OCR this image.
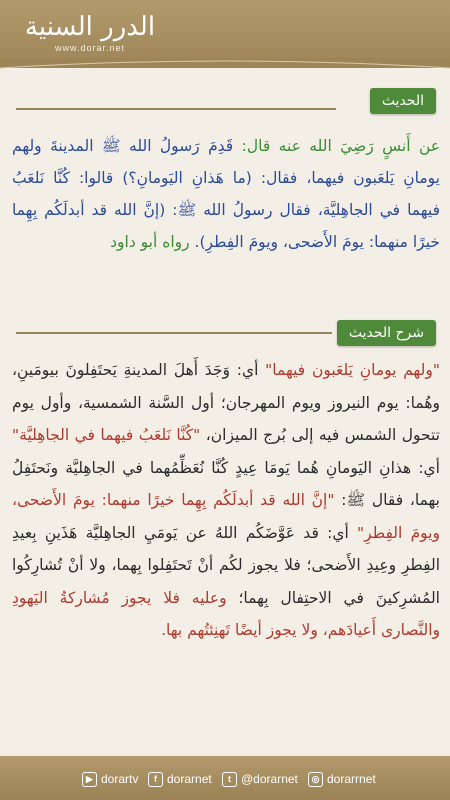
الدرر السنية
www.dorar.net
الحديث
عن أَنسٍ رَضِيَ الله عنه قال: قَدِمَ رَسولُ الله ﷺ المدينةَ ولهم يومانِ يَلعَبون فيهما، فقال: (ما هَذانِ اليَومانِ؟) قالوا: كُنَّا نَلعَبُ فيهما في الجاهِليَّة، فقال رسولُ الله ﷺ: (إنَّ الله قد أبدلَكُم بِهِما خيرًا منهما: يومَ الأَضحى، ويومَ الفِطرِ). رواه أبو داود
شرح الحديث
"ولهم يومانِ يَلعَبون فيهما" أي: وَجَدَ أَهلَ المدينةِ يَحتَفِلونَ بيومَينِ، وهُما: يوم النيروز ويوم المهرجان؛ أول السَّنة الشمسية، وأول يوم تتحول الشمس فيه إلى بُرج الميزان، "كُنَّا نَلعَبُ فيهما في الجاهِليَّة" أي: هذانِ اليَومانِ هُما يَومَا عِيدٍ كُنَّا نُعَظِّمُهما في الجاهِليَّة ونَحتَفِلُ بهما، فقال ﷺ: "إنَّ الله قد أبدلَكُم بِهِما خيرًا منهما: يومَ الأَضحى، ويومَ الفِطرِ" أي: قد عَوَّضَكُم اللهُ عن يَومَيِ الجاهِليَّة هَذَينِ بِعيدِ الفِطرِ وعِيدِ الأَضحى؛ فلا يجوز لكُم أنْ تَحتَفِلوا بِهما، ولا أنْ تُشارِكُوا المُشرِكينَ في الاحتِفال بِهما؛ وعليه فلا يجوز مُشاركةُ اليَهودِ والنَّصارى أَعيادَهم، ولا يجوز أيضًا تَهنِئتُهم بها.
▶ dorartv	f dorarnet	t @dorarnet	◎ dorarrnet
